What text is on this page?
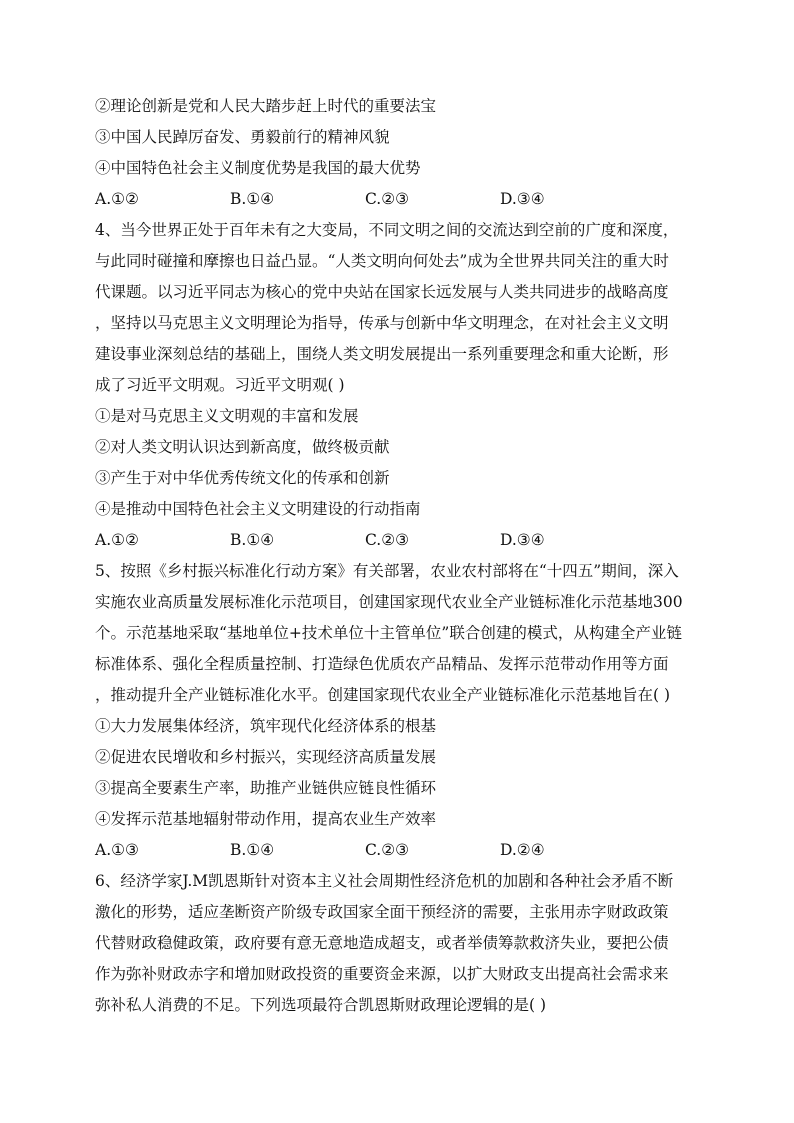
②理论创新是党和人民大踏步赶上时代的重要法宝
③中国人民踔厉奋发、勇毅前行的精神风貌
④中国特色社会主义制度优势是我国的最大优势
A.①②	B.①④	C.②③	D.③④
4、当今世界正处于百年未有之大变局，不同文明之间的交流达到空前的广度和深度，
与此同时碰撞和摩擦也日益凸显。“人类文明向何处去”成为全世界共同关注的重大时
代课题。以习近平同志为核心的党中央站在国家长远发展与人类共同进步的战略高度
，坚持以马克思主义文明理论为指导，传承与创新中华文明理念，在对社会主义文明
建设事业深刻总结的基础上，围绕人类文明发展提出一系列重要理念和重大论断，形
成了习近平文明观。习近平文明观( )
①是对马克思主义文明观的丰富和发展
②对人类文明认识达到新高度，做终极贡献
③产生于对中华优秀传统文化的传承和创新
④是推动中国特色社会主义文明建设的行动指南
A.①②	B.①④	C.②③	D.③④
5、按照《乡村振兴标准化行动方案》有关部署，农业农村部将在“十四五”期间，深入
实施农业高质量发展标准化示范项目，创建国家现代农业全产业链标准化示范基地300
个。示范基地采取“基地单位+技术单位十主管单位”联合创建的模式，从构建全产业链
标准体系、强化全程质量控制、打造绿色优质农产品精品、发挥示范带动作用等方面
，推动提升全产业链标准化水平。创建国家现代农业全产业链标准化示范基地旨在( )
①大力发展集体经济，筑牢现代化经济体系的根基
②促进农民增收和乡村振兴，实现经济高质量发展
③提高全要素生产率，助推产业链供应链良性循环
④发挥示范基地辐射带动作用，提高农业生产效率
A.①③	B.①④	C.②③	D.②④
6、经济学家J.M凯恩斯针对资本主义社会周期性经济危机的加剧和各种社会矛盾不断
激化的形势，适应垄断资产阶级专政国家全面干预经济的需要，主张用赤字财政政策
代替财政稳健政策，政府要有意无意地造成超支，或者举债筹款救济失业，要把公债
作为弥补财政赤字和增加财政投资的重要资金来源，以扩大财政支出提高社会需求来
弥补私人消费的不足。下列选项最符合凯恩斯财政理论逻辑的是( )
